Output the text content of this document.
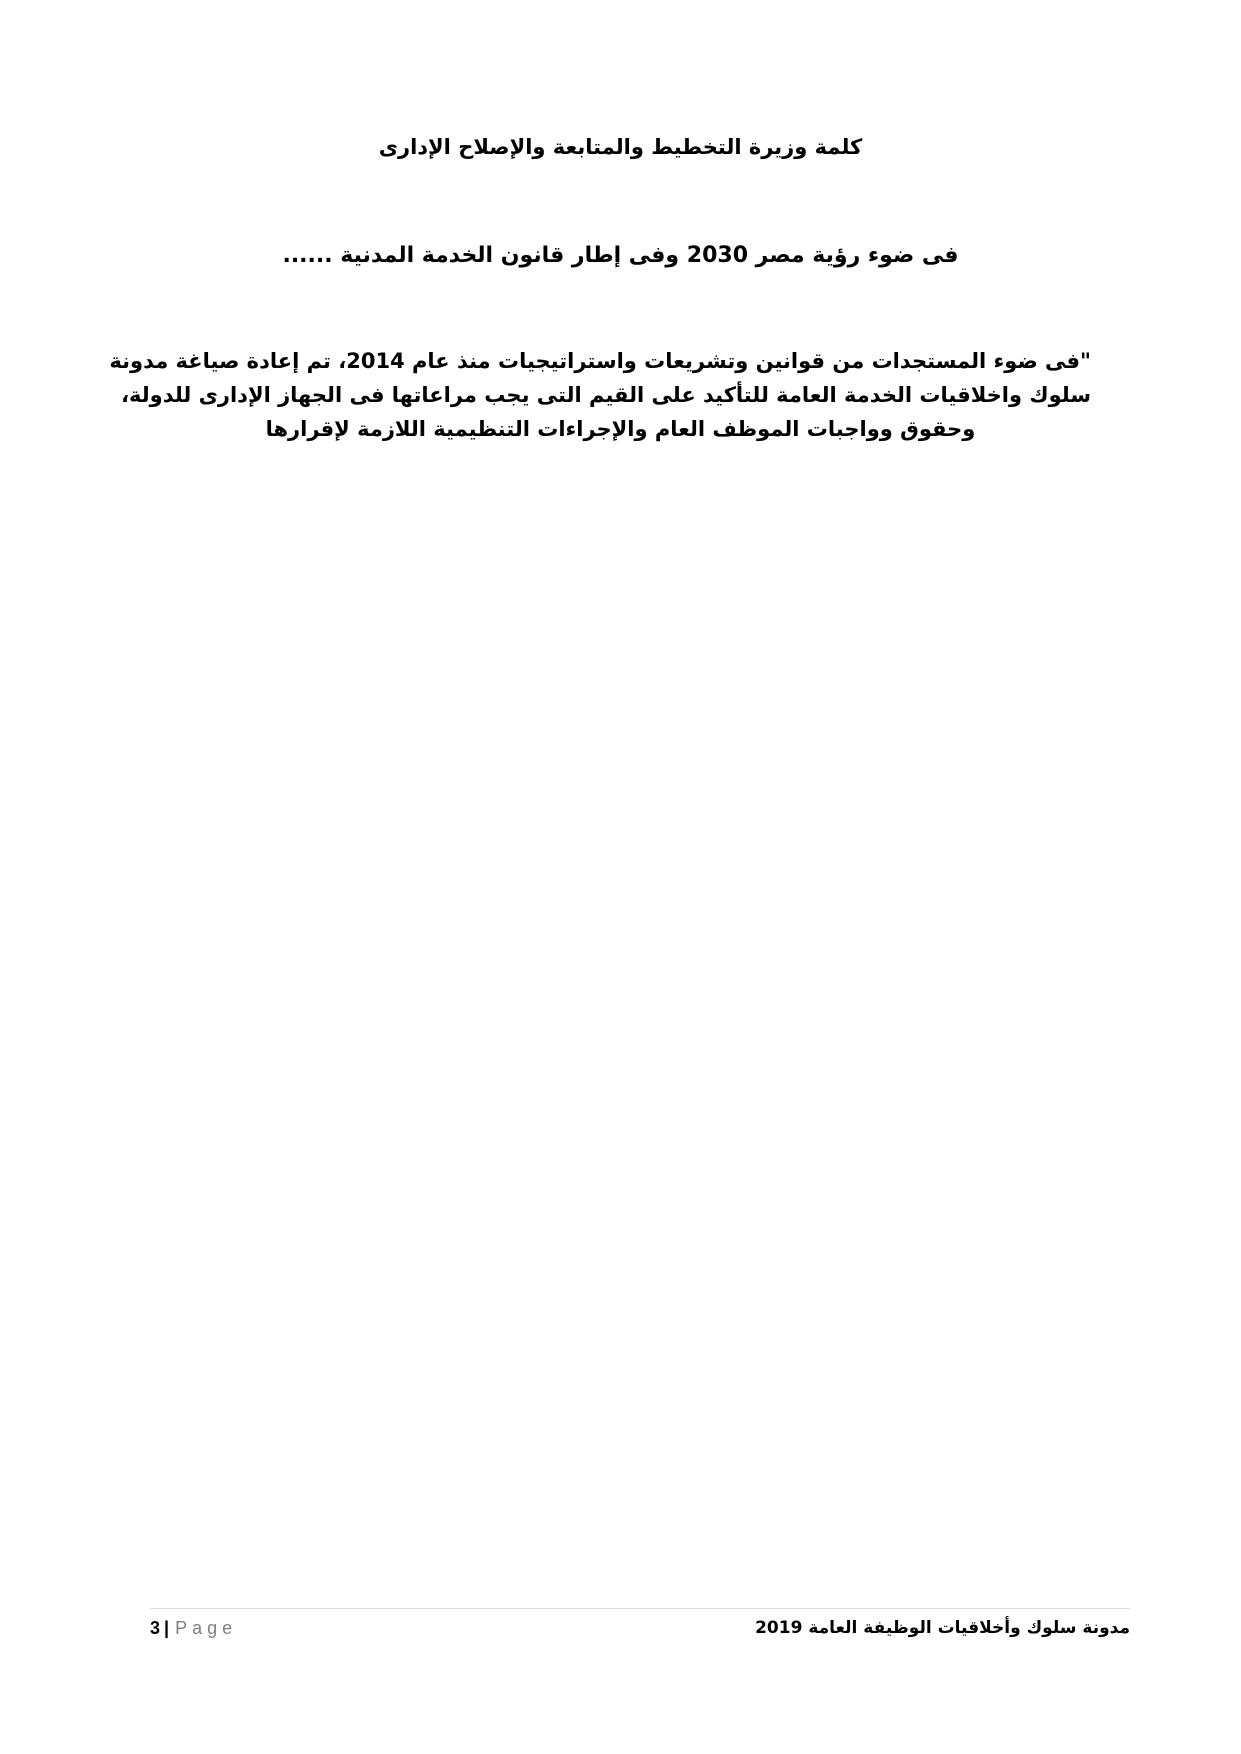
كلمة وزيرة التخطيط والمتابعة والإصلاح الإدارى
فى ضوء رؤية مصر 2030 وفى إطار قانون الخدمة المدنية ......
"فى ضوء المستجدات من قوانين وتشريعات واستراتيجيات منذ عام 2014، تم إعادة صياغة مدونة
سلوك واخلاقيات الخدمة العامة للتأكيد على القيم التى يجب مراعاتها فى الجهاز الإدارى للدولة،
وحقوق وواجبات الموظف العام والإجراءات التنظيمية اللازمة لإقرارها
3 | Page	مدونة سلوك وأخلاقيات الوظيفة العامة 2019
